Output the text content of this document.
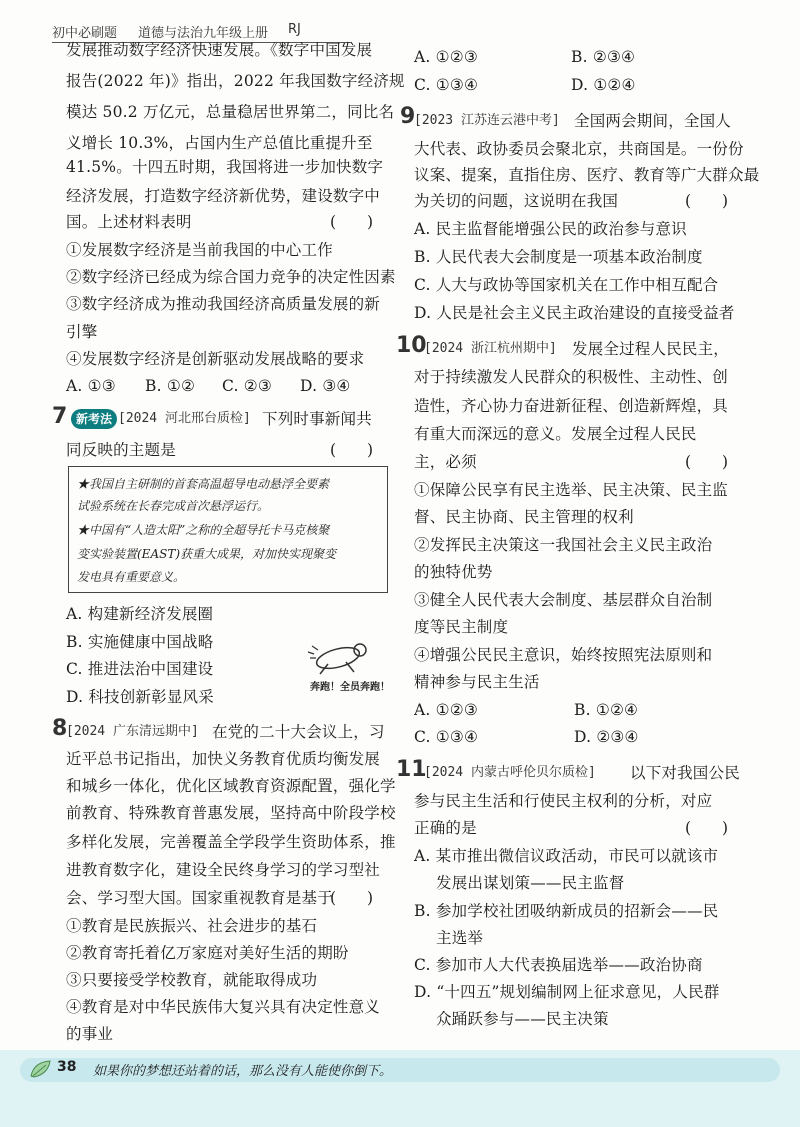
初中必刷题 道德与法治九年级上册 RJ
发展推动数字经济快速发展。《数字中国发展
报告(2022 年)》指出，2022 年我国数字经济规
模达 50.2 万亿元，总量稳居世界第二，同比名
义增长 10.3%，占国内生产总值比重提升至
41.5%。十四五时期，我国将进一步加快数字
经济发展，打造数字经济新优势，建设数字中
国。上述材料表明	(　　)
①发展数字经济是当前我国的中心工作
②数字经济已经成为综合国力竞争的决定性因素
③数字经济成为推动我国经济高质量发展的新
引擎
④发展数字经济是创新驱动发展战略的要求
A. ①③ B. ①② C. ②③ D. ③④
7 新考法 [2024 河北邢台质检] 下列时事新闻共
同反映的主题是	(　　)
★我国自主研制的首套高温超导电动悬浮全要素
试验系统在长春完成首次悬浮运行。
★中国有“人造太阳”之称的全超导托卡马克核聚
变实验装置(EAST)获重大成果，对加快实现聚变
发电具有重要意义。
A. 构建新经济发展圈
B. 实施健康中国战略
C. 推进法治中国建设
D. 科技创新彰显风采
奔跑！全员奔跑！
8
[2024 广东清远期中] 在党的二十大会议上，习
近平总书记指出，加快义务教育优质均衡发展
和城乡一体化，优化区域教育资源配置，强化学
前教育、特殊教育普惠发展，坚持高中阶段学校
多样化发展，完善覆盖全学段学生资助体系，推
进教育数字化，建设全民终身学习的学习型社
会、学习型大国。国家重视教育是基于
(　　)
①教育是民族振兴、社会进步的基石
②教育寄托着亿万家庭对美好生活的期盼
③只要接受学校教育，就能取得成功
④教育是对中华民族伟大复兴具有决定性意义
的事业
A. ①②③	B. ②③④
C. ①③④	D. ①②④
9
[2023 江苏连云港中考] 全国两会期间，全国人
大代表、政协委员会聚北京，共商国是。一份份
议案、提案，直指住房、医疗、教育等广大群众最
为关切的问题，这说明在我国	(　　)
A. 民主监督能增强公民的政治参与意识
B. 人民代表大会制度是一项基本政治制度
C. 人大与政协等国家机关在工作中相互配合
D. 人民是社会主义民主政治建设的直接受益者
10
[2024 浙江杭州期中] 发展全过程人民民主，
对于持续激发人民群众的积极性、主动性、创
造性，齐心协力奋进新征程、创造新辉煌，具
有重大而深远的意义。发展全过程人民民
主，必须	(　　)
①保障公民享有民主选举、民主决策、民主监
督、民主协商、民主管理的权利
②发挥民主决策这一我国社会主义民主政治
的独特优势
③健全人民代表大会制度、基层群众自治制
度等民主制度
④增强公民民主意识，始终按照宪法原则和
精神参与民主生活
A. ①②③	B. ①②④
C. ①③④	D. ②③④
11
[2024 内蒙古呼伦贝尔质检] 以下对我国公民
参与民主生活和行使民主权利的分析，对应
正确的是	(　　)
A. 某市推出微信议政活动，市民可以就该市
发展出谋划策——民主监督
B. 参加学校社团吸纳新成员的招新会——民
主选举
C. 参加市人大代表换届选举——政治协商
D. “十四五”规划编制网上征求意见，人民群
众踊跃参与——民主决策
38 如果你的梦想还站着的话，那么没有人能使你倒下。
